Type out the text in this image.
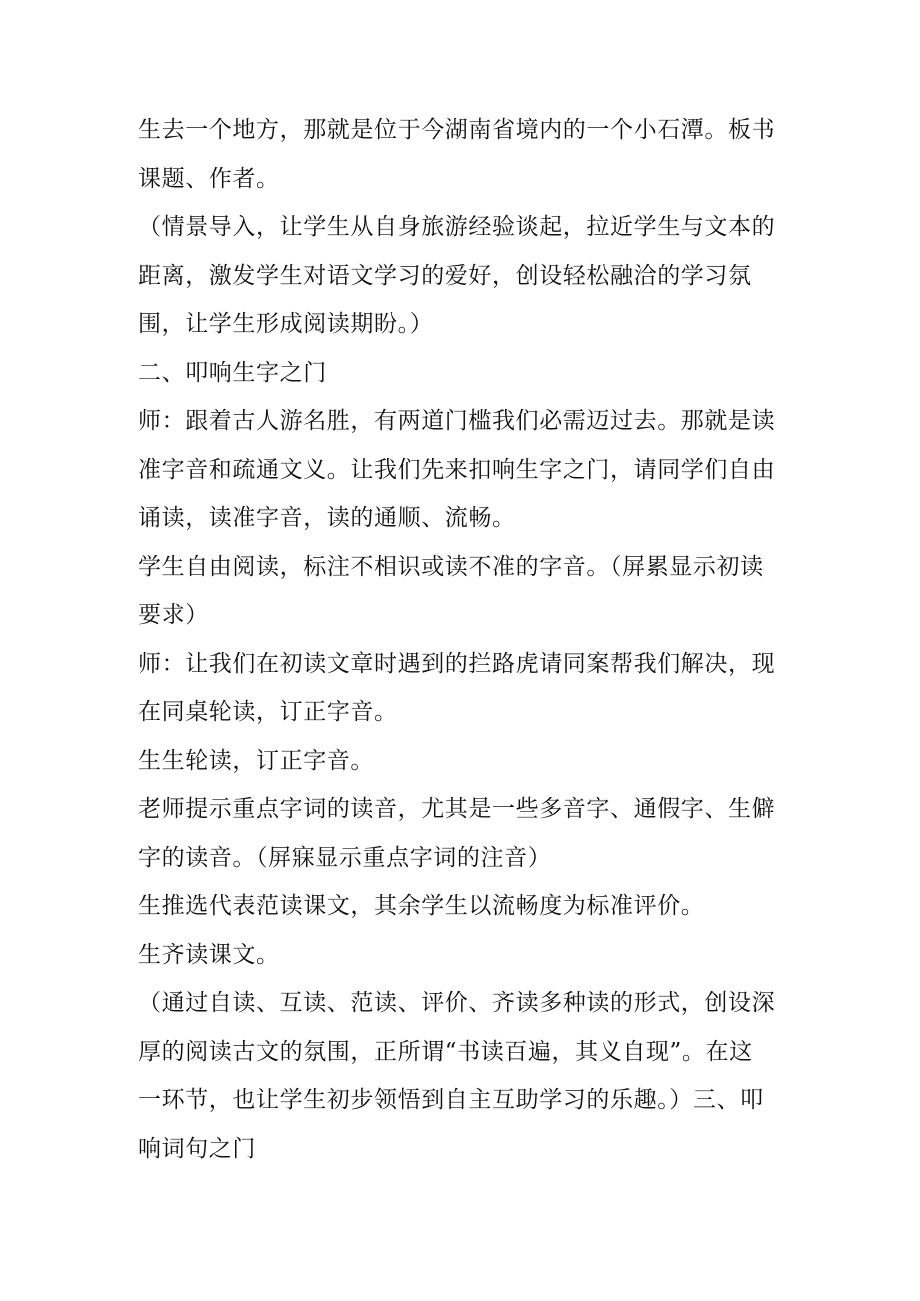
生去一个地方，那就是位于今湖南省境内的一个小石潭。板书
课题、作者。

（情景导入，让学生从自身旅游经验谈起，拉近学生与文本的
距离，激发学生对语文学习的爱好，创设轻松融洽的学习氛
围，让学生形成阅读期盼。）

二、叩响生字之门

师：跟着古人游名胜，有两道门槛我们必需迈过去。那就是读
准字音和疏通文义。让我们先来扣响生字之门，请同学们自由
诵读，读准字音，读的通顺、流畅。

学生自由阅读，标注不相识或读不准的字音。（屏累显示初读
要求）

师：让我们在初读文章时遇到的拦路虎请同案帮我们解决，现
在同桌轮读，订正字音。

生生轮读，订正字音。

老师提示重点字词的读音，尤其是一些多音字、通假字、生僻
字的读音。（屏寐显示重点字词的注音）

生推选代表范读课文，其余学生以流畅度为标准评价。

生齐读课文。

（通过自读、互读、范读、评价、齐读多种读的形式，创设深
厚的阅读古文的氛围，正所谓“书读百遍，其义自现”。在这
一环节，也让学生初步领悟到自主互助学习的乐趣。）三、叩
响词句之门
